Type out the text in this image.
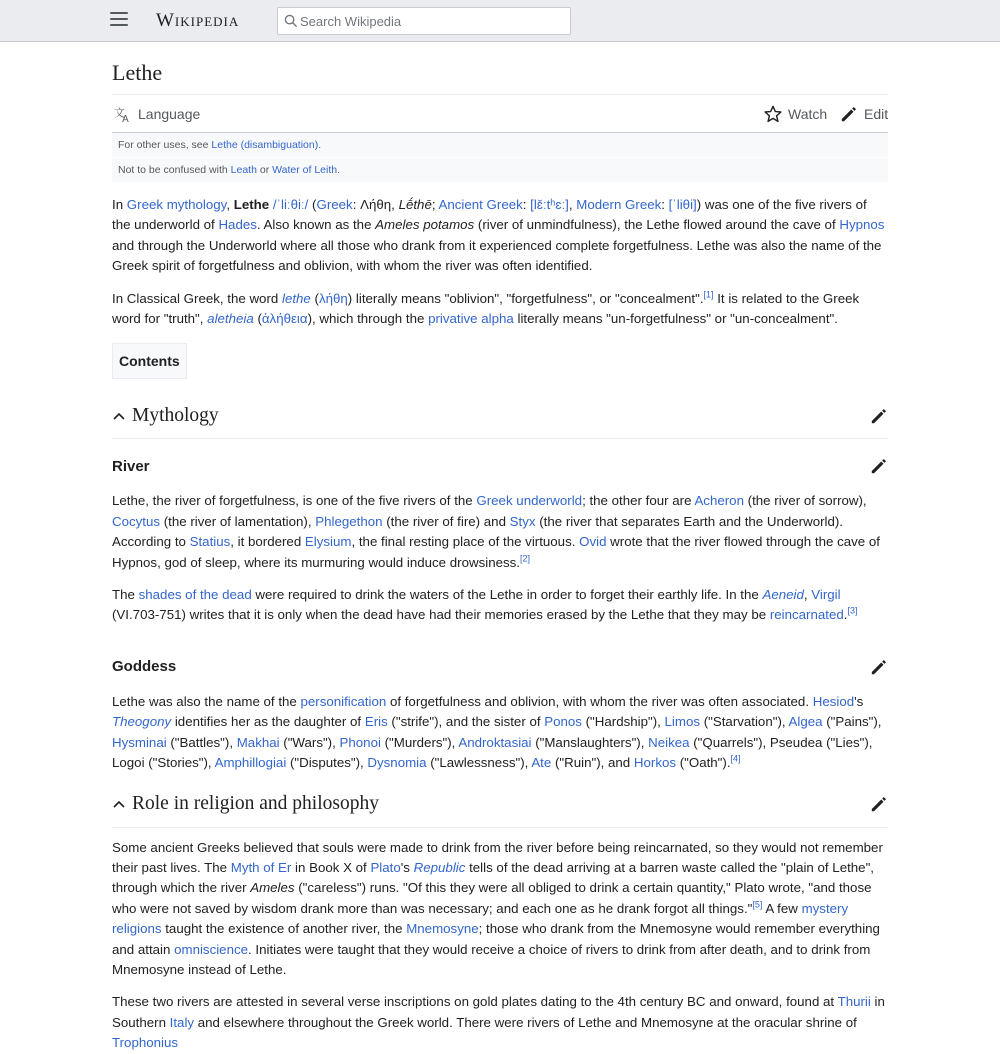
Wikipedia
Search Wikipedia
Lethe
文
A Language	Watch	Edit
For other uses, see Lethe (disambiguation).
Not to be confused with Leath or Water of Leith.

In Greek mythology, Lethe /ˈliːθiː/ (Greek: Λήθη, Lḗthē; Ancient Greek: [lɛ̌ːtʰɛː], Modern Greek: [ˈliθi]) was one of the five rivers of the underworld of Hades. Also known as the Ameles potamos (river of unmindfulness), the Lethe flowed around the cave of Hypnos and through the Underworld where all those who drank from it experienced complete forgetfulness. Lethe was also the name of the Greek spirit of forgetfulness and oblivion, with whom the river was often identified.

In Classical Greek, the word lethe (λήθη) literally means "oblivion", "forgetfulness", or "concealment".[1] It is related to the Greek word for "truth", aletheia (ἀλήθεια), which through the privative alpha literally means "un-forgetfulness" or "un-concealment".

Contents
Mythology
River

Lethe, the river of forgetfulness, is one of the five rivers of the Greek underworld; the other four are Acheron (the river of sorrow), Cocytus (the river of lamentation), Phlegethon (the river of fire) and Styx (the river that separates Earth and the Underworld). According to Statius, it bordered Elysium, the final resting place of the virtuous. Ovid wrote that the river flowed through the cave of Hypnos, god of sleep, where its murmuring would induce drowsiness.[2]

The shades of the dead were required to drink the waters of the Lethe in order to forget their earthly life. In the Aeneid, Virgil (VI.703-751) writes that it is only when the dead have had their memories erased by the Lethe that they may be reincarnated.[3]

Goddess

Lethe was also the name of the personification of forgetfulness and oblivion, with whom the river was often associated. Hesiod's Theogony identifies her as the daughter of Eris ("strife"), and the sister of Ponos ("Hardship"), Limos ("Starvation"), Algea ("Pains"), Hysminai ("Battles"), Makhai ("Wars"), Phonoi ("Murders"), Androktasiai ("Manslaughters"), Neikea ("Quarrels"), Pseudea ("Lies"), Logoi ("Stories"), Amphillogiai ("Disputes"), Dysnomia ("Lawlessness"), Ate ("Ruin"), and Horkos ("Oath").[4]

Role in religion and philosophy

Some ancient Greeks believed that souls were made to drink from the river before being reincarnated, so they would not remember their past lives. The Myth of Er in Book X of Plato's Republic tells of the dead arriving at a barren waste called the "plain of Lethe", through which the river Ameles ("careless") runs. "Of this they were all obliged to drink a certain quantity," Plato wrote, "and those who were not saved by wisdom drank more than was necessary; and each one as he drank forgot all things."[5] A few mystery religions taught the existence of another river, the Mnemosyne; those who drank from the Mnemosyne would remember everything and attain omniscience. Initiates were taught that they would receive a choice of rivers to drink from after death, and to drink from Mnemosyne instead of Lethe.

These two rivers are attested in several verse inscriptions on gold plates dating to the 4th century BC and onward, found at Thurii in Southern Italy and elsewhere throughout the Greek world. There were rivers of Lethe and Mnemosyne at the oracular shrine of Trophonius
